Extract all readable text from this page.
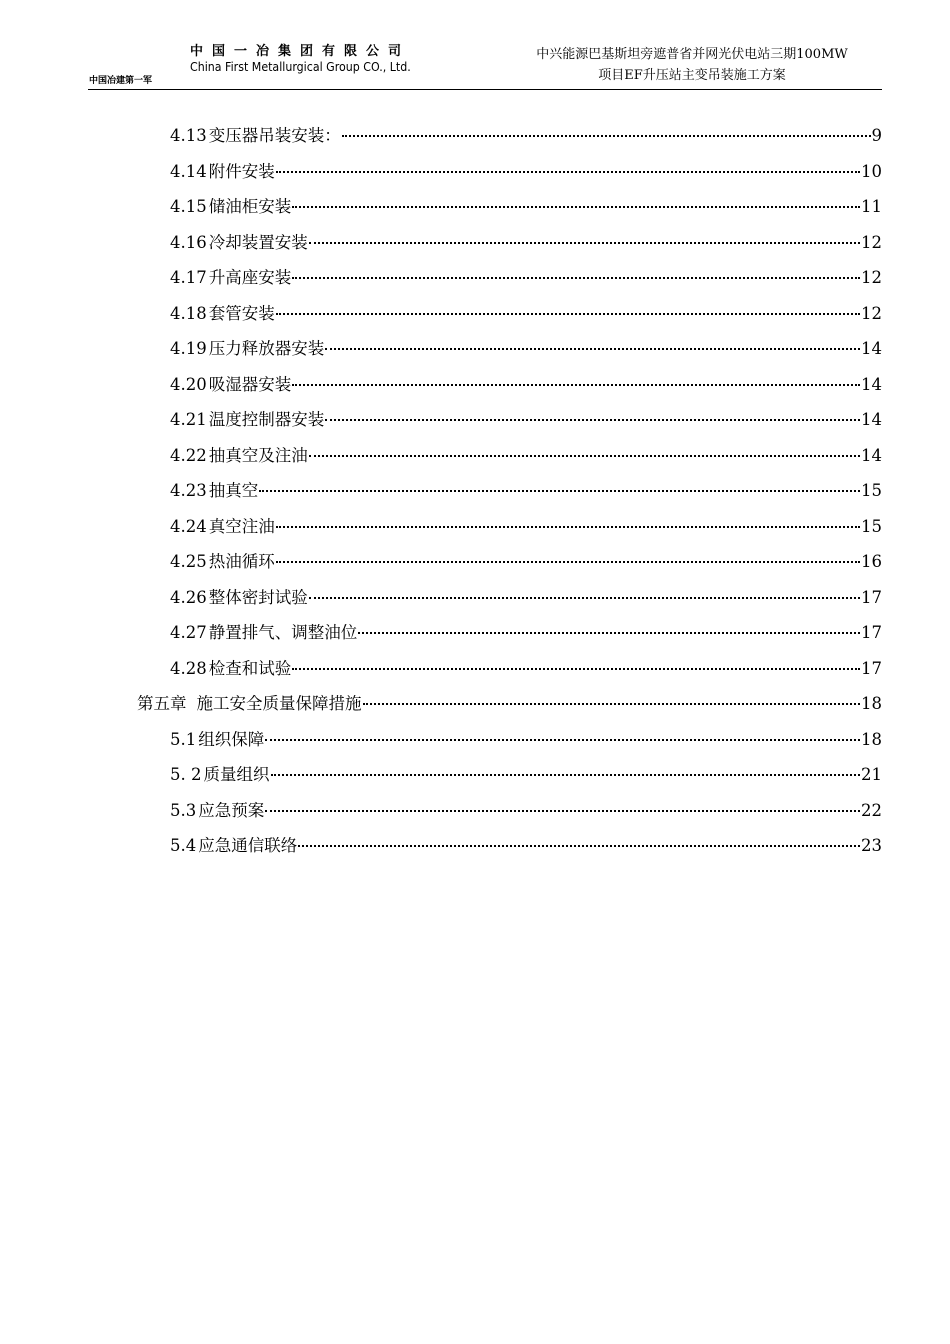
中国冶建第一军
中国一冶集团有限公司
China First Metallurgical Group CO., Ltd.
中兴能源巴基斯坦旁遮普省并网光伏电站三期100MW
项目EF升压站主变吊装施工方案
4.13 变压器吊装安装：	9
4.14 附件安装	10
4.15 储油柜安装	11
4.16 冷却装置安装	12
4.17 升高座安装	12
4.18 套管安装	12
4.19 压力释放器安装	14
4.20 吸湿器安装	14
4.21 温度控制器安装	14
4.22 抽真空及注油	14
4.23 抽真空	15
4.24 真空注油	15
4.25 热油循环	16
4.26 整体密封试验	17
4.27 静置排气、调整油位	17
4.28 检查和试验	17
第五章 施工安全质量保障措施	18
5.1 组织保障	18
5. 2 质量组织	21
5.3 应急预案	22
5.4 应急通信联络	23
